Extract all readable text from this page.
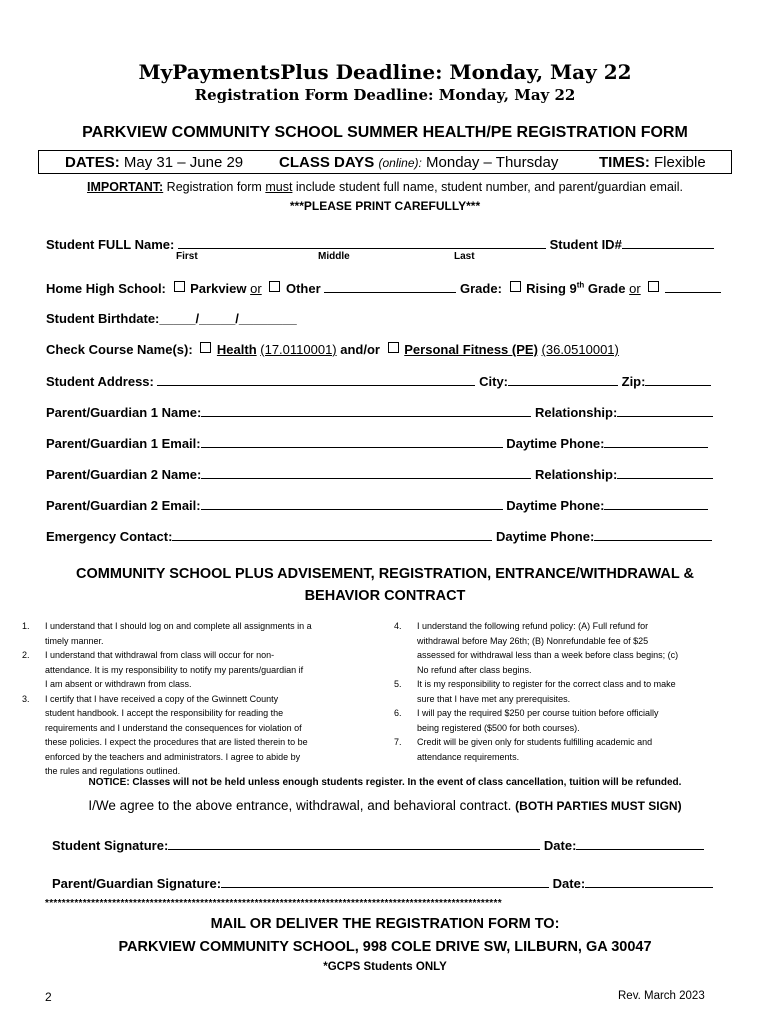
MyPaymentsPlus Deadline: Monday, May 22
Registration Form Deadline: Monday, May 22
PARKVIEW COMMUNITY SCHOOL SUMMER HEALTH/PE REGISTRATION FORM
DATES: May 31 – June 29 CLASS DAYS (online): Monday – Thursday	TIMES: Flexible
IMPORTANT: Registration form must include student full name, student number, and parent/guardian email.
***PLEASE PRINT CAREFULLY***
Student FULL Name:	Student ID#
First	Middle	Last
Home High School: Parkview or Other	Grade: Rising 9th Grade or
Student Birthdate:_____/_____/________
Check Course Name(s): Health (17.0110001) and/or Personal Fitness (PE) (36.0510001)
Student Address:	City:	Zip:
Parent/Guardian 1 Name:	Relationship:
Parent/Guardian 1 Email:	Daytime Phone:
Parent/Guardian 2 Name:	Relationship:
Parent/Guardian 2 Email:	Daytime Phone:
Emergency Contact:	Daytime Phone:
COMMUNITY SCHOOL PLUS ADVISEMENT, REGISTRATION, ENTRANCE/WITHDRAWAL &
BEHAVIOR CONTRACT
1. I understand that I should log on and complete all assignments in a
timely manner.
2. I understand that withdrawal from class will occur for non-
attendance. It is my responsibility to notify my parents/guardian if
I am absent or withdrawn from class.
3. I certify that I have received a copy of the Gwinnett County
student handbook. I accept the responsibility for reading the
requirements and I understand the consequences for violation of
these policies. I expect the procedures that are listed therein to be
enforced by the teachers and administrators. I agree to abide by
the rules and regulations outlined.
4. I understand the following refund policy: (A) Full refund for
withdrawal before May 26th; (B) Nonrefundable fee of $25
assessed for withdrawal less than a week before class begins; (c)
No refund after class begins.
5. It is my responsibility to register for the correct class and to make
sure that I have met any prerequisites.
6. I will pay the required $250 per course tuition before officially
being registered ($500 for both courses).
7. Credit will be given only for students fulfilling academic and
attendance requirements.
NOTICE: Classes will not be held unless enough students register. In the event of class cancellation, tuition will be refunded.
I/We agree to the above entrance, withdrawal, and behavioral contract. (BOTH PARTIES MUST SIGN)
Student Signature:	Date:
Parent/Guardian Signature:	Date:
*************************************************************************************************************
MAIL OR DELIVER THE REGISTRATION FORM TO:
PARKVIEW COMMUNITY SCHOOL, 998 COLE DRIVE SW, LILBURN, GA 30047
*GCPS Students ONLY
2	Rev. March 2023
